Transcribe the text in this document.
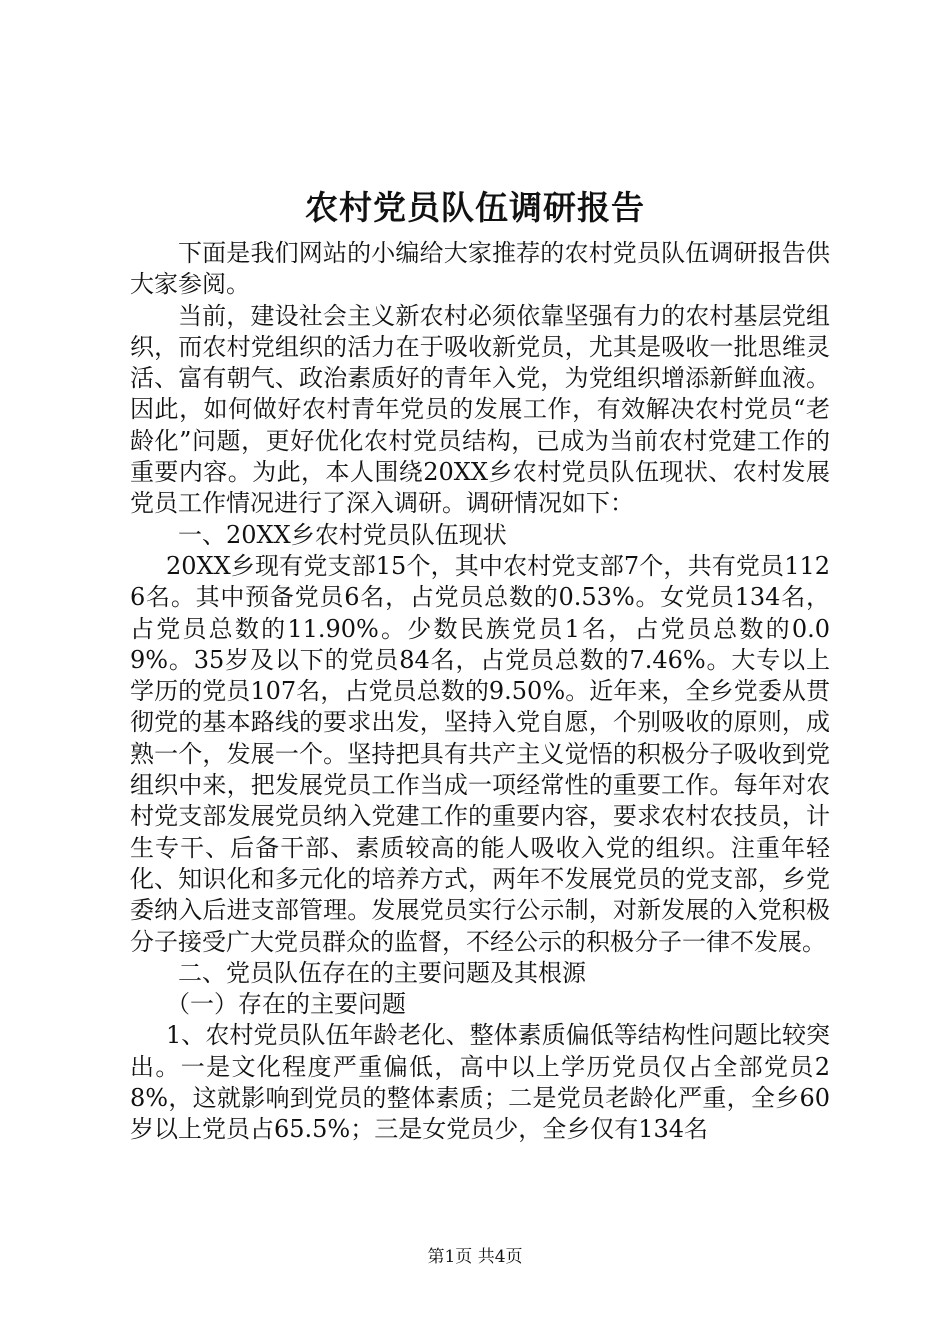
农村党员队伍调研报告

下面是我们网站的小编给大家推荐的农村党员队伍调研报告供大家参阅。

当前，建设社会主义新农村必须依靠坚强有力的农村基层党组织，而农村党组织的活力在于吸收新党员，尤其是吸收一批思维灵活、富有朝气、政治素质好的青年入党，为党组织增添新鲜血液。因此，如何做好农村青年党员的发展工作，有效解决农村党员“老龄化”问题，更好优化农村党员结构，已成为当前农村党建工作的重要内容。为此，本人围绕20XX乡农村党员队伍现状、农村发展党员工作情况进行了深入调研。调研情况如下：

一、20XX乡农村党员队伍现状

20XX乡现有党支部15个，其中农村党支部7个，共有党员1126名。其中预备党员6名，占党员总数的0.53%。女党员134名，占党员总数的11.90%。少数民族党员1名，占党员总数的0.09%。35岁及以下的党员84名，占党员总数的7.46%。大专以上学历的党员107名，占党员总数的9.50%。近年来，全乡党委从贯彻党的基本路线的要求出发，坚持入党自愿，个别吸收的原则，成熟一个，发展一个。坚持把具有共产主义觉悟的积极分子吸收到党组织中来，把发展党员工作当成一项经常性的重要工作。每年对农村党支部发展党员纳入党建工作的重要内容，要求农村农技员，计生专干、后备干部、素质较高的能人吸收入党的组织。注重年轻化、知识化和多元化的培养方式，两年不发展党员的党支部，乡党委纳入后进支部管理。发展党员实行公示制，对新发展的入党积极分子接受广大党员群众的监督，不经公示的积极分子一律不发展。

二、党员队伍存在的主要问题及其根源

（一）存在的主要问题

1、农村党员队伍年龄老化、整体素质偏低等结构性问题比较突出。一是文化程度严重偏低，高中以上学历党员仅占全部党员28%，这就影响到党员的整体素质；二是党员老龄化严重，全乡60岁以上党员占65.5%；三是女党员少，全乡仅有134名

第1页 共4页
